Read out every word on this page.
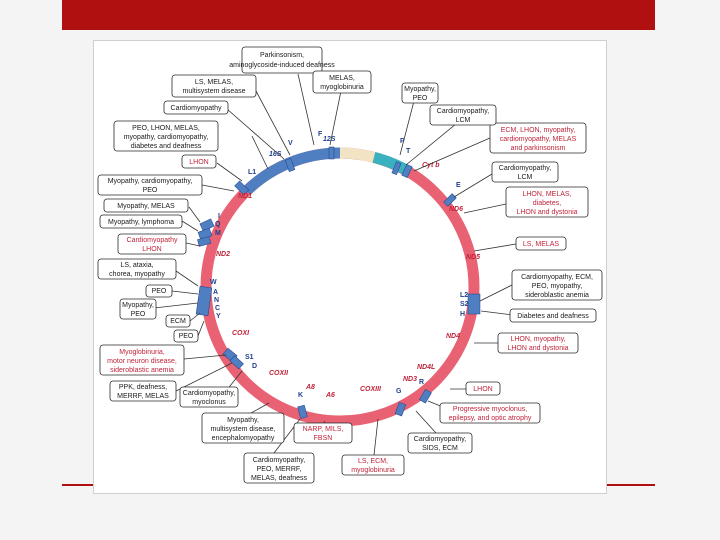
12S
16S
Cyt b
ND1
ND6
ND2	ND5
COXI	ND4
ND4L
ND3
COXII
A8
A6
COXIII
F
V	P
T
E
L1
I
Q
M
W
A
N
C
Y
S1
D
K
G
R
H
S2
L2
Parkinsonism,
aminoglycoside-induced deafness
LS, MELAS,
multisystem disease
MELAS,
myoglobinuria
Cardiomyopathy
PEO, LHON, MELAS,
myopathy, cardiomyopathy,
diabetes and deafness
LHON
Myopathy, cardiomyopathy,
PEO
Myopathy, MELAS
Myopathy, lymphoma
Cardiomyopathy
LHON
LS, ataxia,
chorea, myopathy
PEO
Myopathy,
PEO
ECM
PEO
Myoglobinuria,
motor neuron disease,
sideroblastic anemia
PPK, deafness,
MERRF, MELAS Cardiomyopathy,
myoclonus
Myopathy,
multisystem disease,
encephalomyopathy
Cardiomyopathy,
PEO, MERRF,
MELAS, deafness
NARP, MILS,
FBSN
LS, ECM,
myoglobinuria
Cardiomyopathy,
SIDS, ECM
Progressive myoclonus,
epilepsy, and optic atrophy
LHON
LHON, myopathy,
LHON and dystonia
Diabetes and deafness
Cardiomyopathy, ECM,
PEO, myopathy,
sideroblastic anemia
LS, MELAS
LHON, MELAS,
diabetes,
LHON and dystonia
Cardiomyopathy,
LCM
ECM, LHON, myopathy,
cardiomyopathy, MELAS
and parkinsonism
Cardiomyopathy,
LCM
Myopathy,
PEO
